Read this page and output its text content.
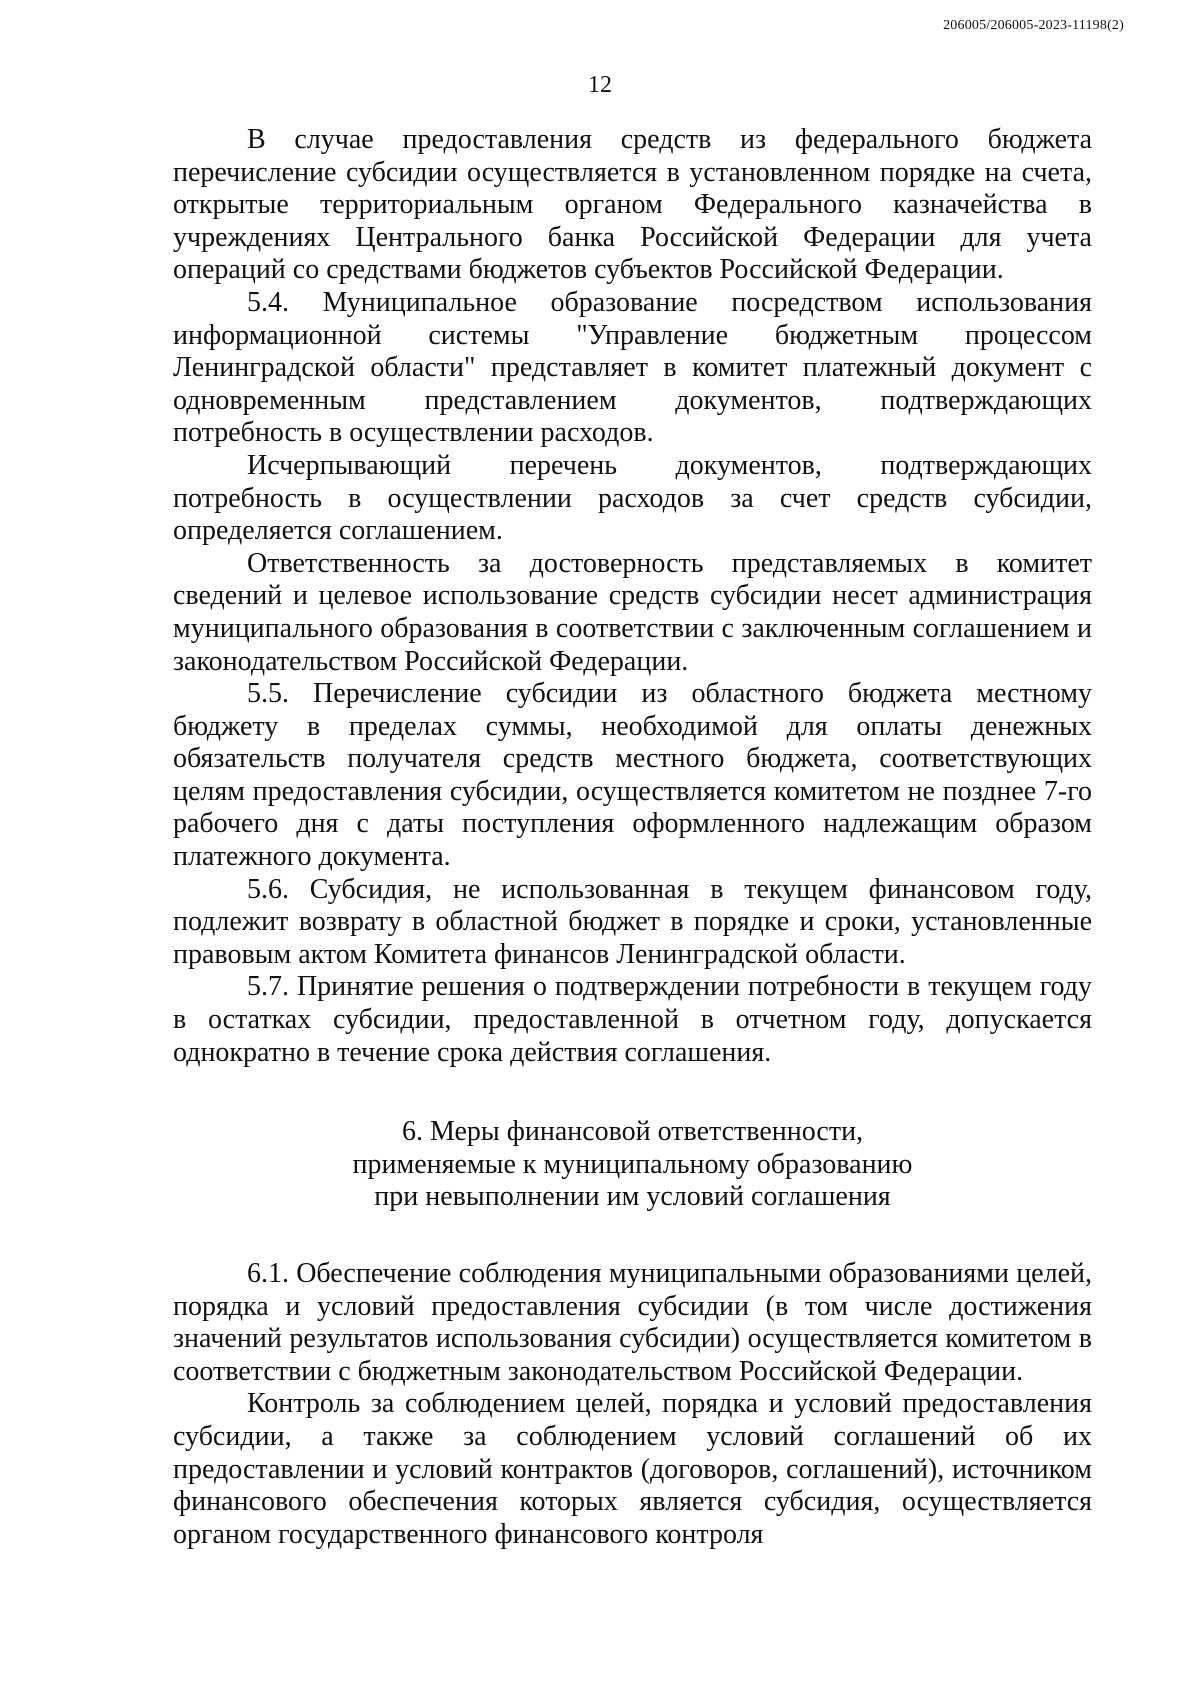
206005/206005-2023-11198(2)
12

В случае предоставления средств из федерального бюджета перечисление субсидии осуществляется в установленном порядке на счета, открытые территориальным органом Федерального казначейства в учреждениях Центрального банка Российской Федерации для учета операций со средствами бюджетов субъектов Российской Федерации.

5.4. Муниципальное образование посредством использования информационной системы "Управление бюджетным процессом Ленинградской области" представляет в комитет платежный документ с одновременным представлением документов, подтверждающих потребность в осуществлении расходов.

Исчерпывающий перечень документов, подтверждающих потребность в осуществлении расходов за счет средств субсидии, определяется соглашением.

Ответственность за достоверность представляемых в комитет сведений и целевое использование средств субсидии несет администрация муниципального образования в соответствии с заключенным соглашением и законодательством Российской Федерации.

5.5. Перечисление субсидии из областного бюджета местному бюджету в пределах суммы, необходимой для оплаты денежных обязательств получателя средств местного бюджета, соответствующих целям предоставления субсидии, осуществляется комитетом не позднее 7-го рабочего дня с даты поступления оформленного надлежащим образом платежного документа.

5.6. Субсидия, не использованная в текущем финансовом году, подлежит возврату в областной бюджет в порядке и сроки, установленные правовым актом Комитета финансов Ленинградской области.

5.7. Принятие решения о подтверждении потребности в текущем году в остатках субсидии, предоставленной в отчетном году, допускается однократно в течение срока действия соглашения.

6. Меры финансовой ответственности,
применяемые к муниципальному образованию
при невыполнении им условий соглашения

6.1. Обеспечение соблюдения муниципальными образованиями целей, порядка и условий предоставления субсидии (в том числе достижения значений результатов использования субсидии) осуществляется комитетом в соответствии с бюджетным законодательством Российской Федерации.

Контроль за соблюдением целей, порядка и условий предоставления субсидии, а также за соблюдением условий соглашений об их предоставлении и условий контрактов (договоров, соглашений), источником финансового обеспечения которых является субсидия, осуществляется органом государственного финансового контроля
